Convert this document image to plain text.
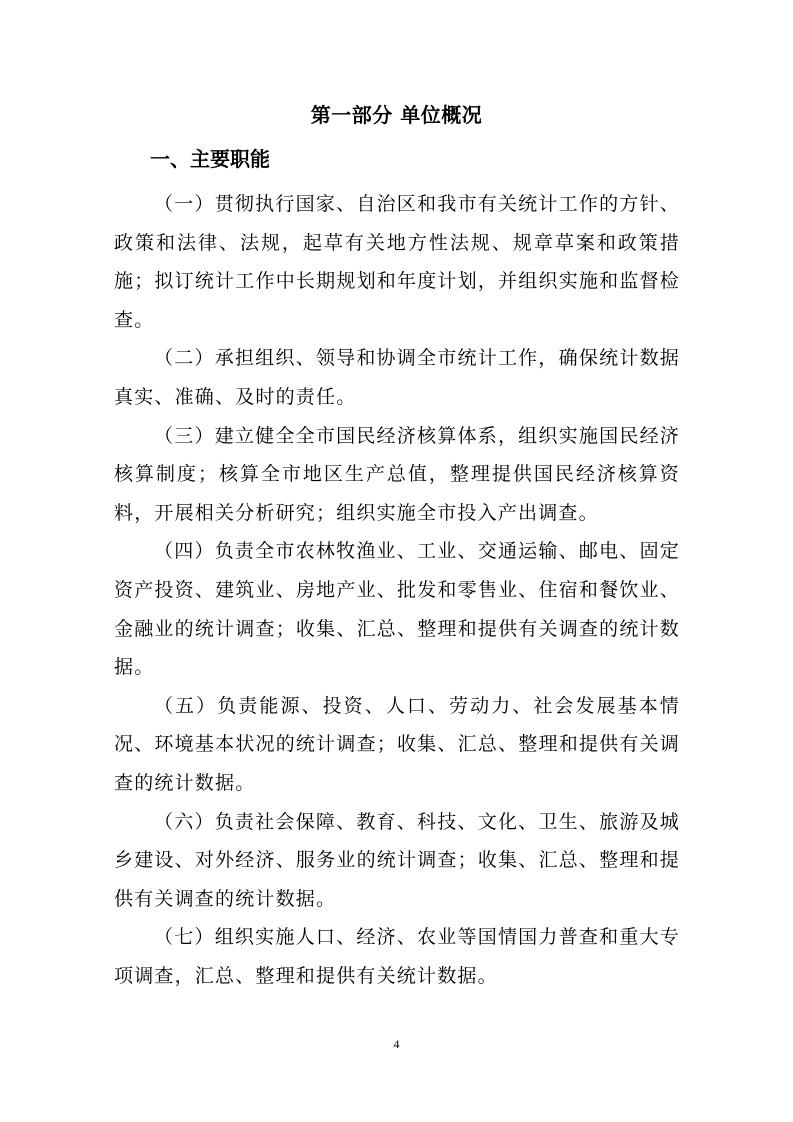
第一部分 单位概况
一、主要职能

（一）贯彻执行国家、自治区和我市有关统计工作的方针、政策和法律、法规，起草有关地方性法规、规章草案和政策措施；拟订统计工作中长期规划和年度计划，并组织实施和监督检查。

（二）承担组织、领导和协调全市统计工作，确保统计数据真实、准确、及时的责任。

（三）建立健全全市国民经济核算体系，组织实施国民经济核算制度；核算全市地区生产总值，整理提供国民经济核算资料，开展相关分析研究；组织实施全市投入产出调查。

（四）负责全市农林牧渔业、工业、交通运输、邮电、固定资产投资、建筑业、房地产业、批发和零售业、住宿和餐饮业、金融业的统计调查；收集、汇总、整理和提供有关调查的统计数据。

（五）负责能源、投资、人口、劳动力、社会发展基本情况、环境基本状况的统计调查；收集、汇总、整理和提供有关调查的统计数据。

（六）负责社会保障、教育、科技、文化、卫生、旅游及城乡建设、对外经济、服务业的统计调查；收集、汇总、整理和提供有关调查的统计数据。

（七）组织实施人口、经济、农业等国情国力普查和重大专项调查，汇总、整理和提供有关统计数据。

4
